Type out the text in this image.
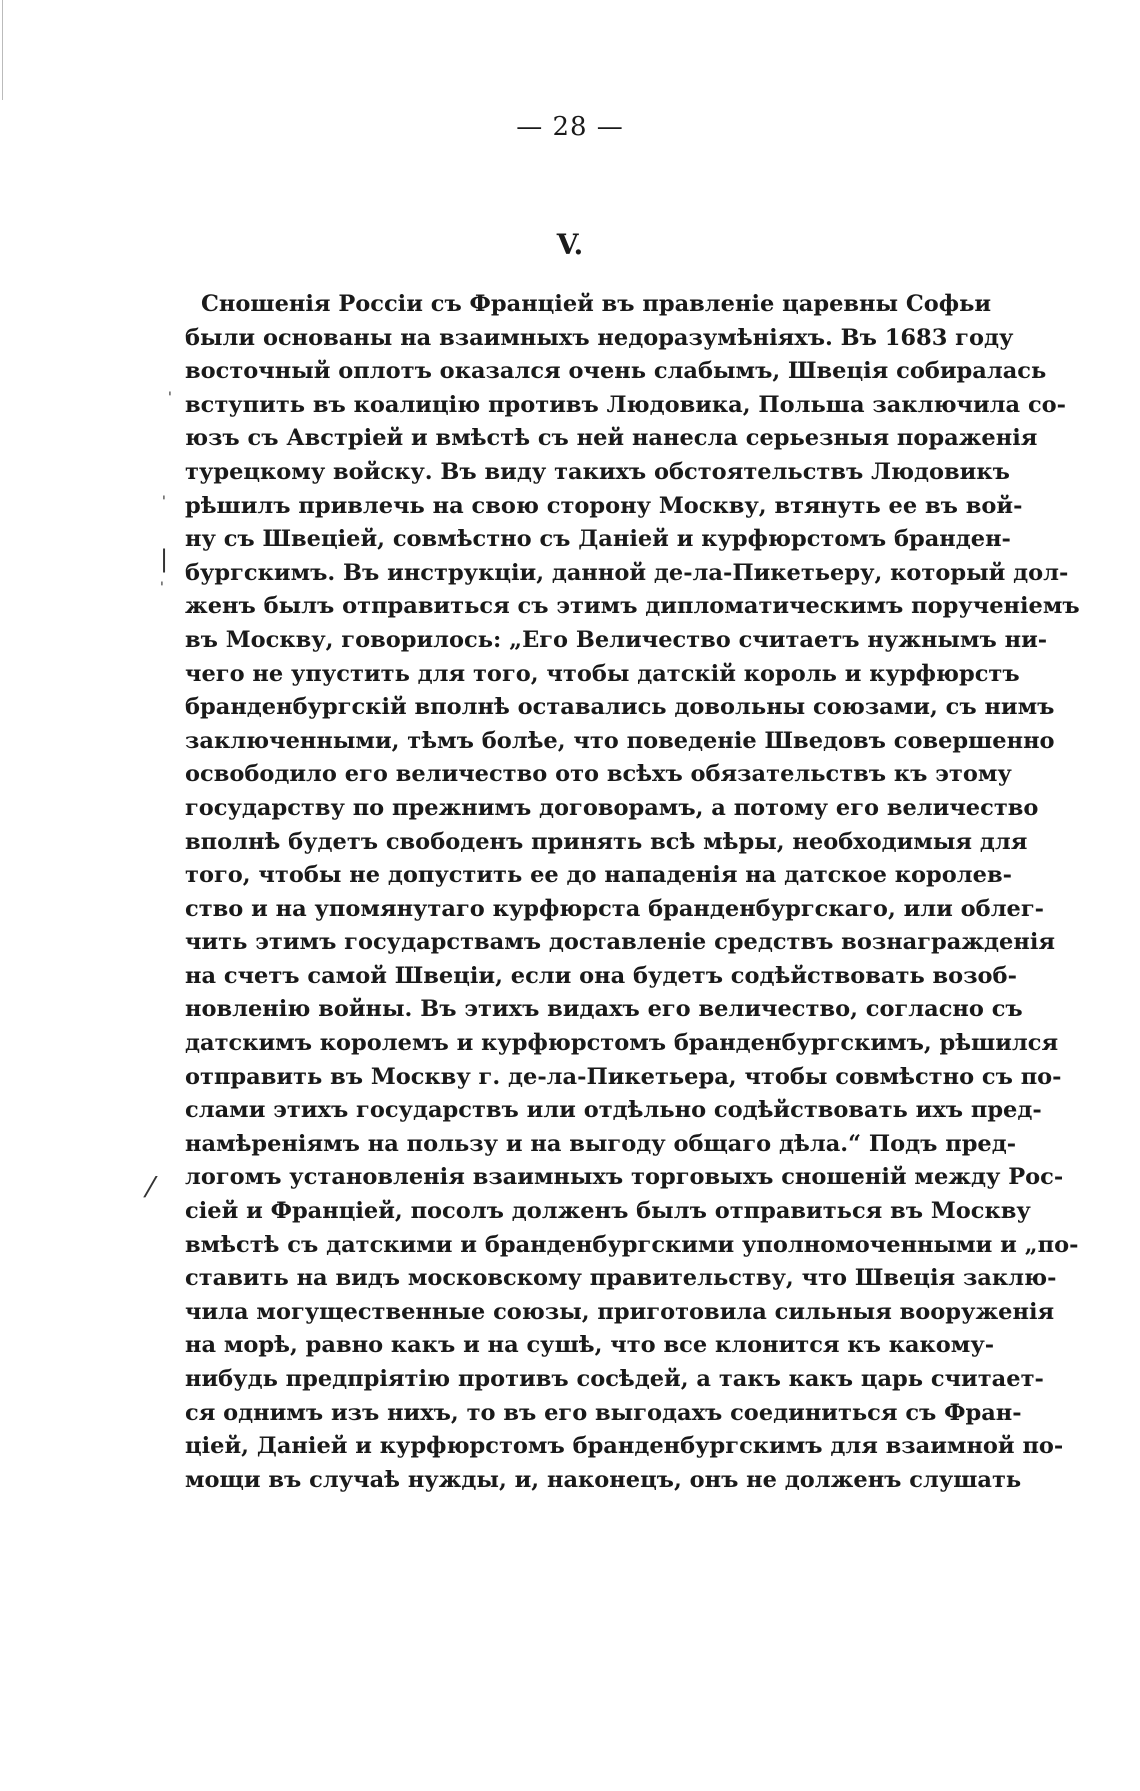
— 28 —
V.
'
'
|
'
/
Сношенія Россіи съ Франціей въ правленіе царевны Софьи
были основаны на взаимныхъ недоразумѣніяхъ. Въ 1683 году
восточный оплотъ оказался очень слабымъ, Швеція собиралась
вступить въ коалицію противъ Людовика, Польша заключила со-
юзъ съ Австріей и вмѣстѣ съ ней нанесла серьезныя пораженія
турецкому войску. Въ виду такихъ обстоятельствъ Людовикъ
рѣшилъ привлечь на свою сторону Москву, втянуть ее въ вой-
ну съ Швеціей, совмѣстно съ Даніей и курфюрстомъ бранден-
бургскимъ. Въ инструкціи, данной де-ла-Пикетьеру, который дол-
женъ былъ отправиться съ этимъ дипломатическимъ порученіемъ
въ Москву, говорилось: „Его Величество считаетъ нужнымъ ни-
чего не упустить для того, чтобы датскій король и курфюрстъ
бранденбургскій вполнѣ оставались довольны союзами, съ нимъ
заключенными, тѣмъ болѣе, что поведеніе Шведовъ совершенно
освободило его величество ото всѣхъ обязательствъ къ этому
государству по прежнимъ договорамъ, а потому его величество
вполнѣ будетъ свободенъ принять всѣ мѣры, необходимыя для
того, чтобы не допустить ее до нападенія на датское королев-
ство и на упомянутаго курфюрста бранденбургскаго, или облег-
чить этимъ государствамъ доставленіе средствъ вознагражденія
на счетъ самой Швеціи, если она будетъ содѣйствовать возоб-
новленію войны. Въ этихъ видахъ его величество, согласно съ
датскимъ королемъ и курфюрстомъ бранденбургскимъ, рѣшился
отправить въ Москву г. де-ла-Пикетьера, чтобы совмѣстно съ по-
слами этихъ государствъ или отдѣльно содѣйствовать ихъ пред-
намѣреніямъ на пользу и на выгоду общаго дѣла.“ Подъ пред-
логомъ установленія взаимныхъ торговыхъ сношеній между Рос-
сіей и Франціей, посолъ долженъ былъ отправиться въ Москву
вмѣстѣ съ датскими и бранденбургскими уполномоченными и „по-
ставить на видъ московскому правительству, что Швеція заклю-
чила могущественные союзы, приготовила сильныя вооруженія
на морѣ, равно какъ и на сушѣ, что все клонится къ какому-
нибудь предпріятію противъ сосѣдей, а такъ какъ царь считает-
ся однимъ изъ нихъ, то въ его выгодахъ соединиться съ Фран-
ціей, Даніей и курфюрстомъ бранденбургскимъ для взаимной по-
мощи въ случаѣ нужды, и, наконецъ, онъ не долженъ слушать
